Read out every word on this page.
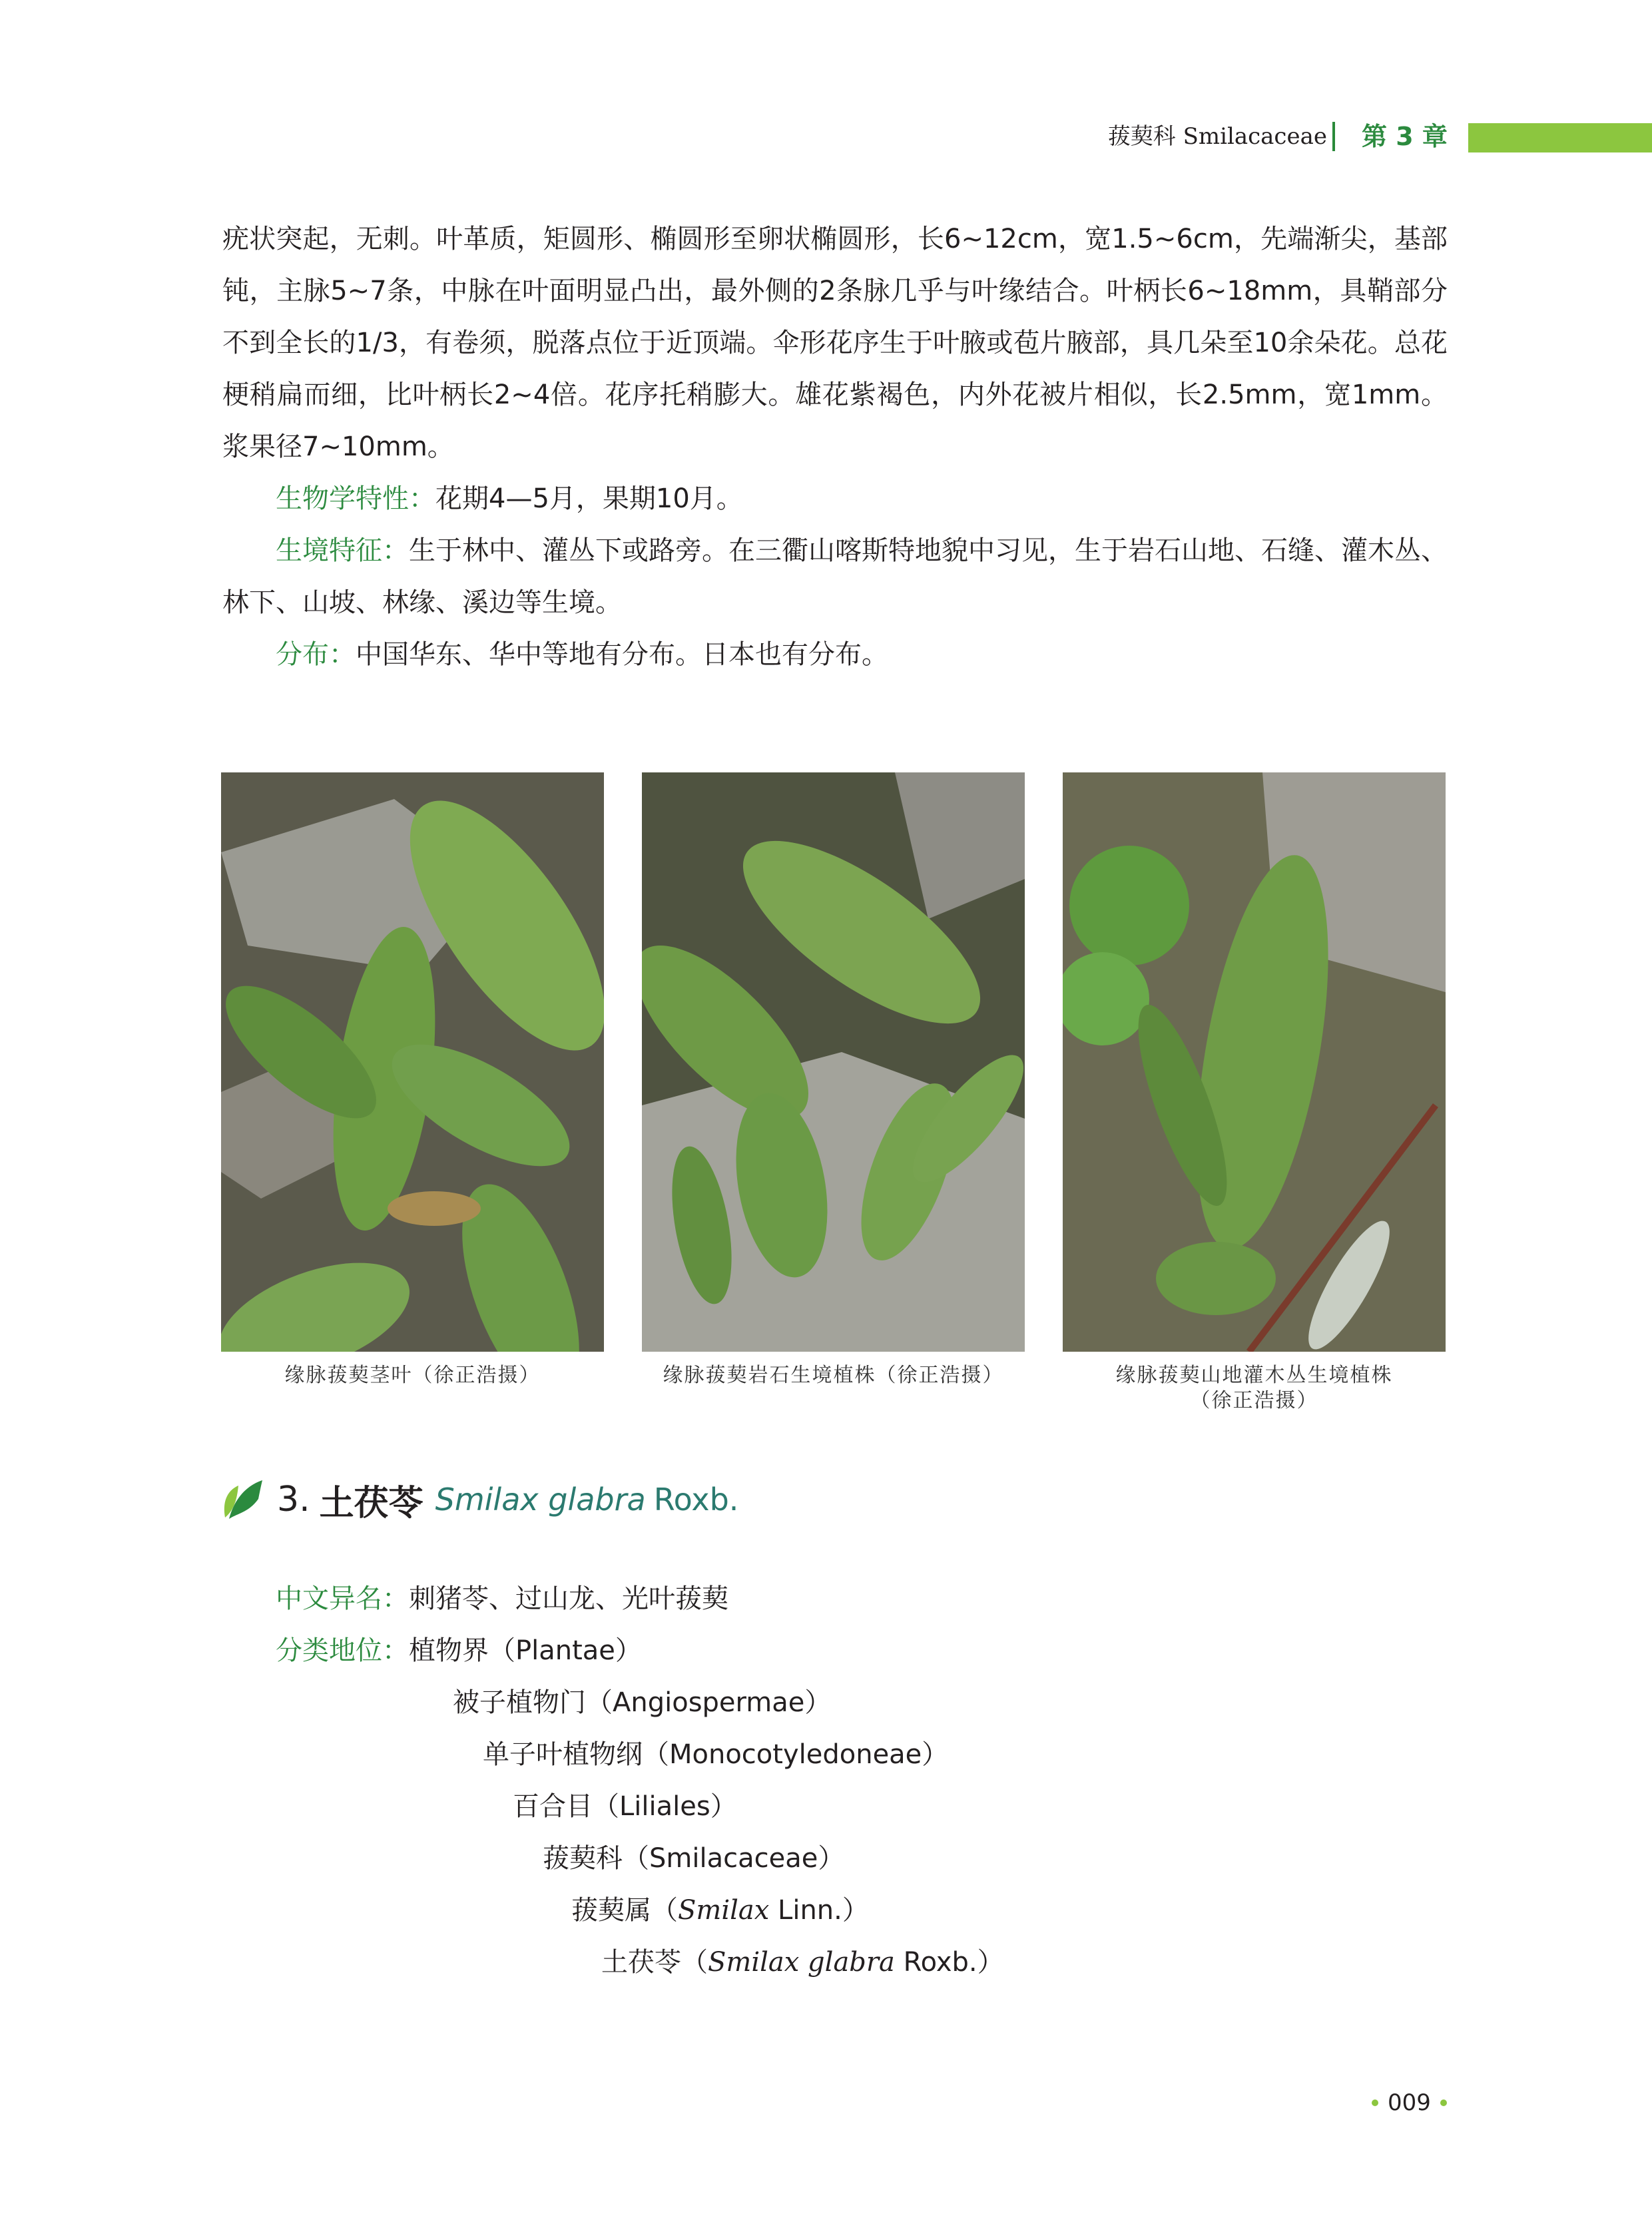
菝葜科 Smilacaceae 第 3 章

疣状突起，无刺。叶革质，矩圆形、椭圆形至卵状椭圆形，长6~12cm，宽1.5~6cm，先端渐尖，基部钝，主脉5~7条，中脉在叶面明显凸出，最外侧的2条脉几乎与叶缘结合。叶柄长6~18mm，具鞘部分不到全长的1/3，有卷须，脱落点位于近顶端。伞形花序生于叶腋或苞片腋部，具几朵至10余朵花。总花梗稍扁而细，比叶柄长2~4倍。花序托稍膨大。雄花紫褐色，内外花被片相似，长2.5mm，宽1mm。浆果径7~10mm。

生物学特性：花期4—5月，果期10月。

生境特征：生于林中、灌丛下或路旁。在三衢山喀斯特地貌中习见，生于岩石山地、石缝、灌木丛、林下、山坡、林缘、溪边等生境。

分布：中国华东、华中等地有分布。日本也有分布。

缘脉菝葜茎叶（徐正浩摄）	缘脉菝葜岩石生境植株（徐正浩摄）	缘脉菝葜山地灌木丛生境植株
（徐正浩摄）
3. 土茯苓 Smilax glabra Roxb.
中文异名：刺猪苓、过山龙、光叶菝葜
分类地位：植物界（Plantae）
被子植物门（Angiospermae）
单子叶植物纲（Monocotyledoneae）
百合目（Liliales）
菝葜科（Smilacaceae）
菝葜属（Smilax Linn.）
土茯苓（Smilax glabra Roxb.）
009
